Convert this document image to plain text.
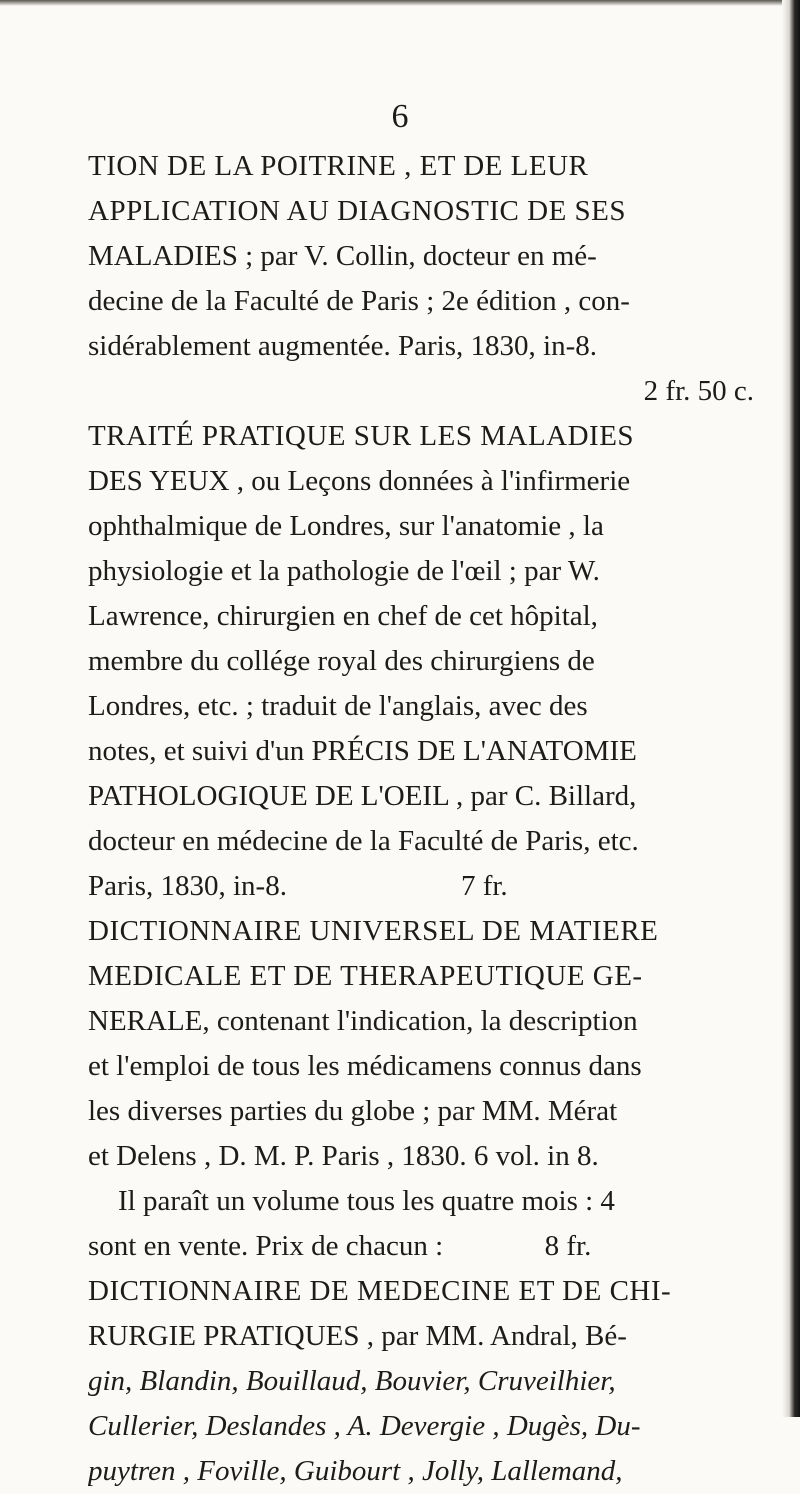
6
TION DE LA POITRINE , ET DE LEUR
APPLICATION AU DIAGNOSTIC DE SES
MALADIES ; par V. Collin, docteur en mé-
decine de la Faculté de Paris ; 2e édition , con-
sidérablement augmentée. Paris, 1830, in-8.
2 fr. 50 c.
TRAITÉ PRATIQUE SUR LES MALADIES
DES YEUX , ou Leçons données à l'infirmerie
ophthalmique de Londres, sur l'anatomie , la
physiologie et la pathologie de l'œil ; par W.
Lawrence, chirurgien en chef de cet hôpital,
membre du collége royal des chirurgiens de
Londres, etc. ; traduit de l'anglais, avec des
notes, et suivi d'un PRÉCIS DE L'ANATOMIE
PATHOLOGIQUE DE L'OEIL , par C. Billard,
docteur en médecine de la Faculté de Paris, etc.
Paris, 1830, in-8.                        7 fr.
DICTIONNAIRE UNIVERSEL DE MATIERE
MEDICALE ET DE THERAPEUTIQUE GE-
NERALE, contenant l'indication, la description
et l'emploi de tous les médicamens connus dans
les diverses parties du globe ; par MM. Mérat
et Delens , D. M. P. Paris , 1830. 6 vol. in 8.
Il paraît un volume tous les quatre mois : 4
sont en vente. Prix de chacun :              8 fr.
DICTIONNAIRE DE MEDECINE ET DE CHI-
RURGIE PRATIQUES , par MM. Andral, Bé-
gin, Blandin, Bouillaud, Bouvier, Cruveilhier,
Cullerier, Deslandes , A. Devergie , Dugès, Du-
puytren , Foville, Guibourt , Jolly, Lallemand,
